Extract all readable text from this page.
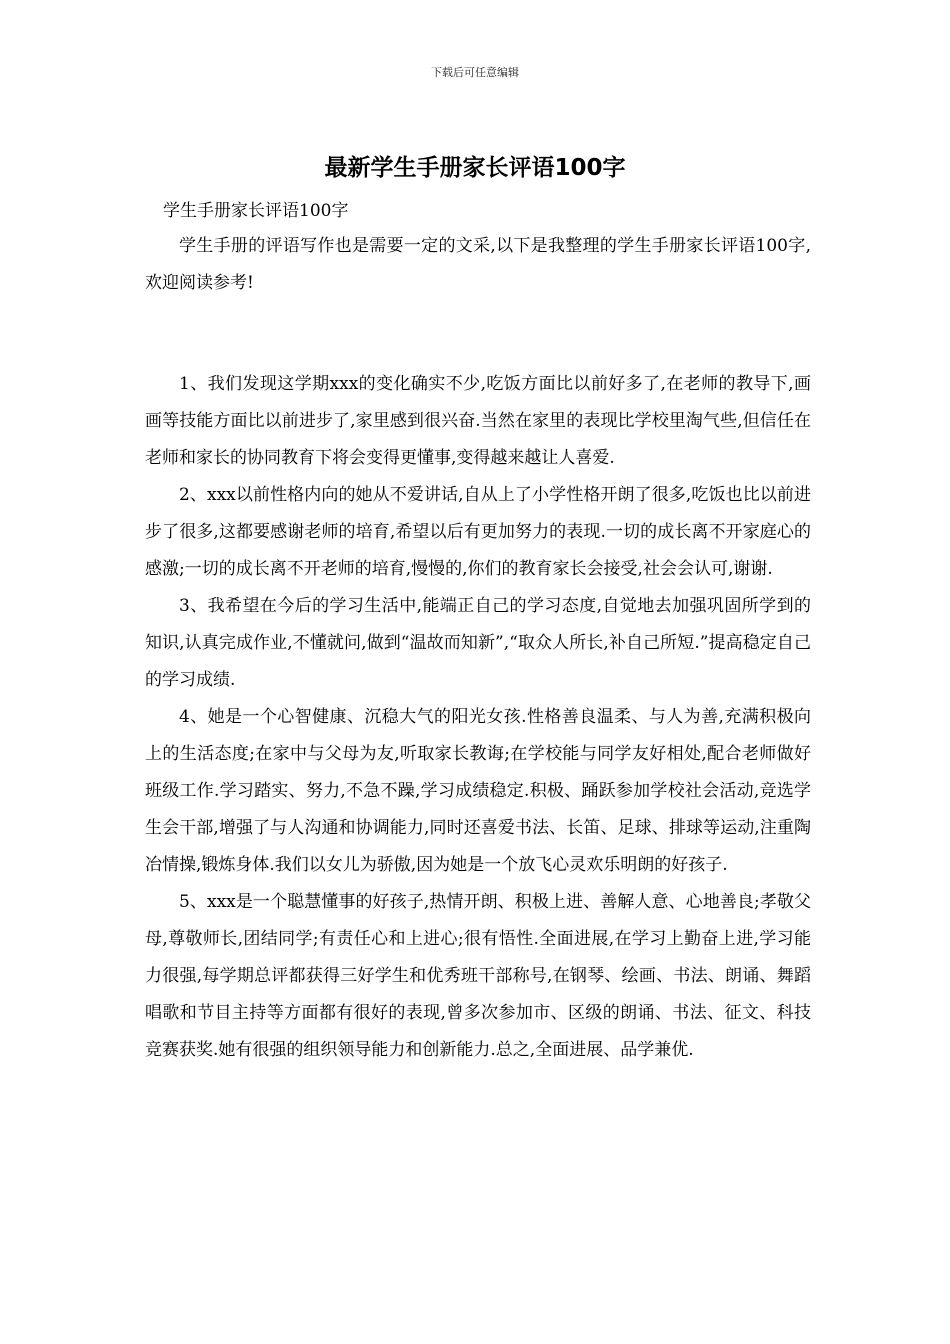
下载后可任意编辑
最新学生手册家长评语100字
学生手册家长评语100字

学生手册的评语写作也是需要一定的文采,以下是我整理的学生手册家长评语100字,欢迎阅读参考!

1、我们发现这学期xxx的变化确实不少,吃饭方面比以前好多了,在老师的教导下,画画等技能方面比以前进步了,家里感到很兴奋.当然在家里的表现比学校里淘气些,但信任在老师和家长的协同教育下将会变得更懂事,变得越来越让人喜爱.

2、xxx以前性格内向的她从不爱讲话,自从上了小学性格开朗了很多,吃饭也比以前进步了很多,这都要感谢老师的培育,希望以后有更加努力的表现.一切的成长离不开家庭心的感激;一切的成长离不开老师的培育,慢慢的,你们的教育家长会接受,社会会认可,谢谢.

3、我希望在今后的学习生活中,能端正自己的学习态度,自觉地去加强巩固所学到的知识,认真完成作业,不懂就问,做到“温故而知新”,“取众人所长,补自己所短.”提高稳定自己的学习成绩.

4、她是一个心智健康、沉稳大气的阳光女孩.性格善良温柔、与人为善,充满积极向上的生活态度;在家中与父母为友,听取家长教诲;在学校能与同学友好相处,配合老师做好班级工作.学习踏实、努力,不急不躁,学习成绩稳定.积极、踊跃参加学校社会活动,竞选学生会干部,增强了与人沟通和协调能力,同时还喜爱书法、长笛、足球、排球等运动,注重陶冶情操,锻炼身体.我们以女儿为骄傲,因为她是一个放飞心灵欢乐明朗的好孩子.

5、xxx是一个聪慧懂事的好孩子,热情开朗、积极上进、善解人意、心地善良;孝敬父母,尊敬师长,团结同学;有责任心和上进心;很有悟性.全面进展,在学习上勤奋上进,学习能力很强,每学期总评都获得三好学生和优秀班干部称号,在钢琴、绘画、书法、朗诵、舞蹈唱歌和节目主持等方面都有很好的表现,曾多次参加市、区级的朗诵、书法、征文、科技竞赛获奖.她有很强的组织领导能力和创新能力.总之,全面进展、品学兼优.
